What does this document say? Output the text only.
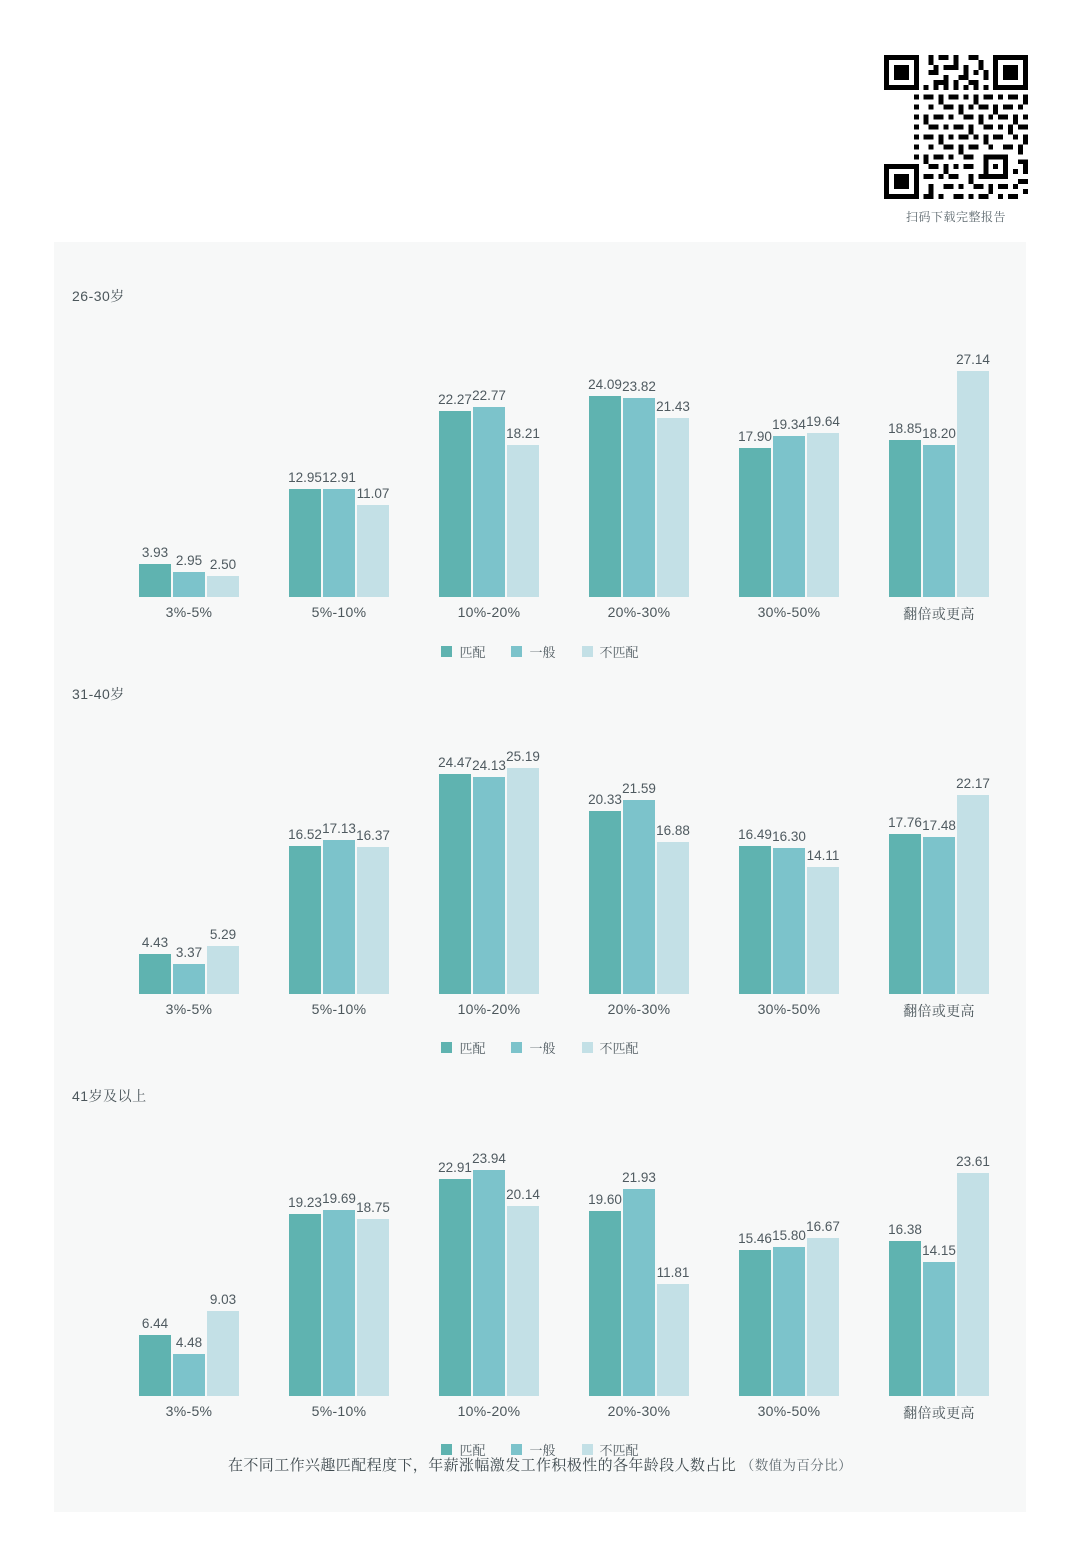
扫码下载完整报告
26-30岁
31-40岁
41岁及以上
在不同工作兴趣匹配程度下，年薪涨幅激发工作积极性的各年龄段人数占比 （数值为百分比）
3.93
2.95 2.50
3%-5%
12.95 12.91
11.07
5%-10%
22.27 22.77
18.21
10%-20%
24.09 23.82
21.43
20%-30%
17.90
19.34 19.64
30%-50%
18.85 18.20
27.14
翻倍或更高
匹配	一般	不匹配
4.43
3.37
5.29
3%-5%
16.52 17.13 16.37
5%-10%
24.47 24.13
25.19
10%-20%
20.33
21.59
16.88
20%-30%
16.49 16.30
14.11
30%-50%
17.76 17.48
22.17
翻倍或更高
匹配	一般	不匹配
6.44
4.48
9.03
3%-5%
19.23 19.69
18.75
5%-10%
22.91
23.94
20.14
10%-20%
19.60
21.93
11.81
20%-30%
15.46 15.80
16.67
30%-50%
16.38
14.15
23.61
翻倍或更高
匹配	一般	不匹配
